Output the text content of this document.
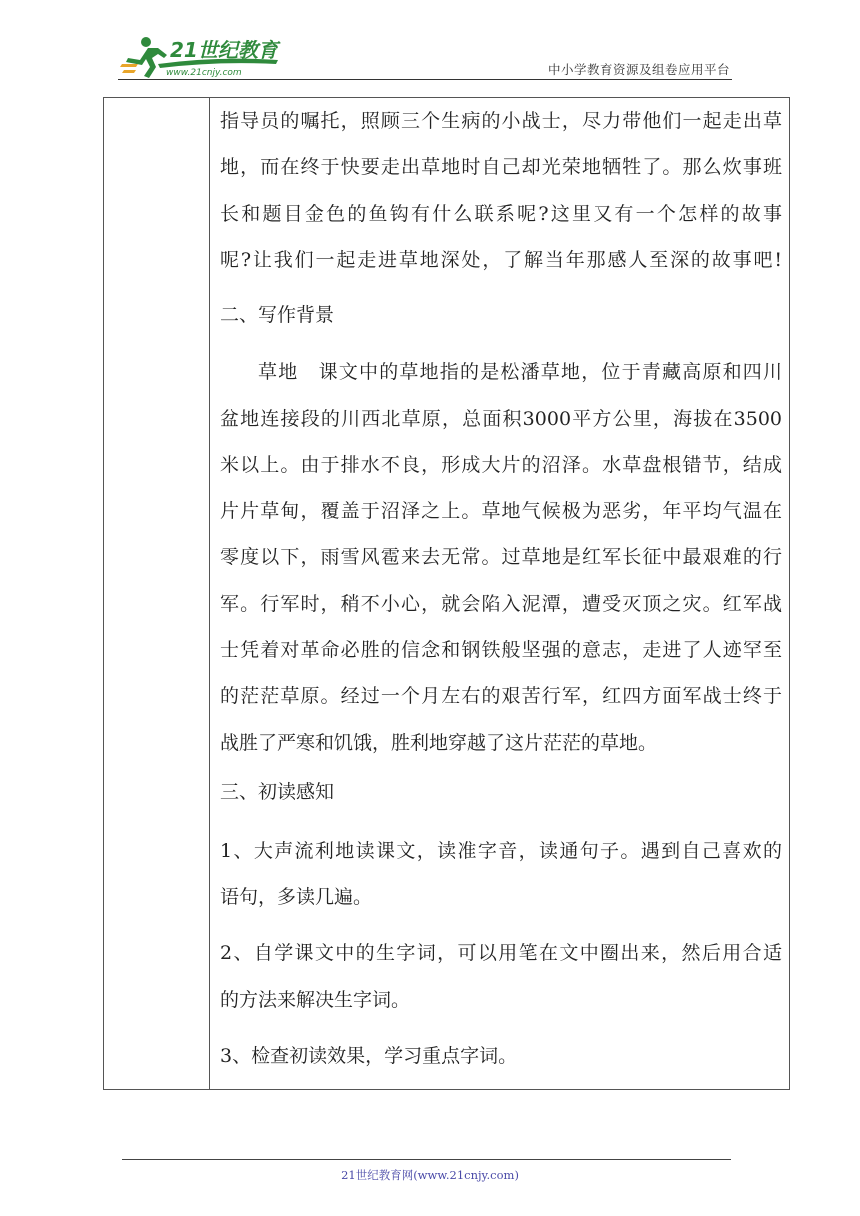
21世纪教育
www.21cnjy.com	中小学教育资源及组卷应用平台
指导员的嘱托，照顾三个生病的小战士，尽力带他们一起走出草
地，而在终于快要走出草地时自己却光荣地牺牲了。那么炊事班
长和题目金色的鱼钩有什么联系呢?这里又有一个怎样的故事
呢?让我们一起走进草地深处，了解当年那感人至深的故事吧!
二、写作背景
草地　课文中的草地指的是松潘草地，位于青藏高原和四川
盆地连接段的川西北草原，总面积3000平方公里，海拔在3500
米以上。由于排水不良，形成大片的沼泽。水草盘根错节，结成
片片草甸，覆盖于沼泽之上。草地气候极为恶劣，年平均气温在
零度以下，雨雪风雹来去无常。过草地是红军长征中最艰难的行
军。行军时，稍不小心，就会陷入泥潭，遭受灭顶之灾。红军战
士凭着对革命必胜的信念和钢铁般坚强的意志，走进了人迹罕至
的茫茫草原。经过一个月左右的艰苦行军，红四方面军战士终于
战胜了严寒和饥饿，胜利地穿越了这片茫茫的草地。
三、初读感知
1、大声流利地读课文，读准字音，读通句子。遇到自己喜欢的
语句，多读几遍。
2、自学课文中的生字词，可以用笔在文中圈出来，然后用合适
的方法来解决生字词。
3、检查初读效果，学习重点字词。
21世纪教育网(www.21cnjy.com)
